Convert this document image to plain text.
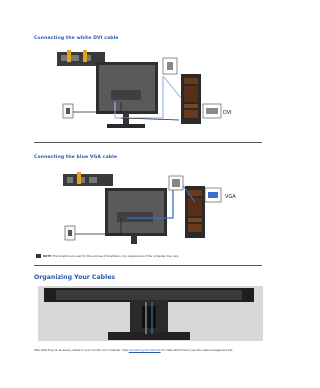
Connecting the white DVI cable
DVI
Connecting the blue VGA cable
VGA
NOTE: The Graphics are used for the purpose of illustration only. Appearance of the computer may vary.
Organizing Your Cables
After attaching all necessary cables to your monitor and computer, (See Connecting Your Monitor for cable attachment,) use the cable management slot
